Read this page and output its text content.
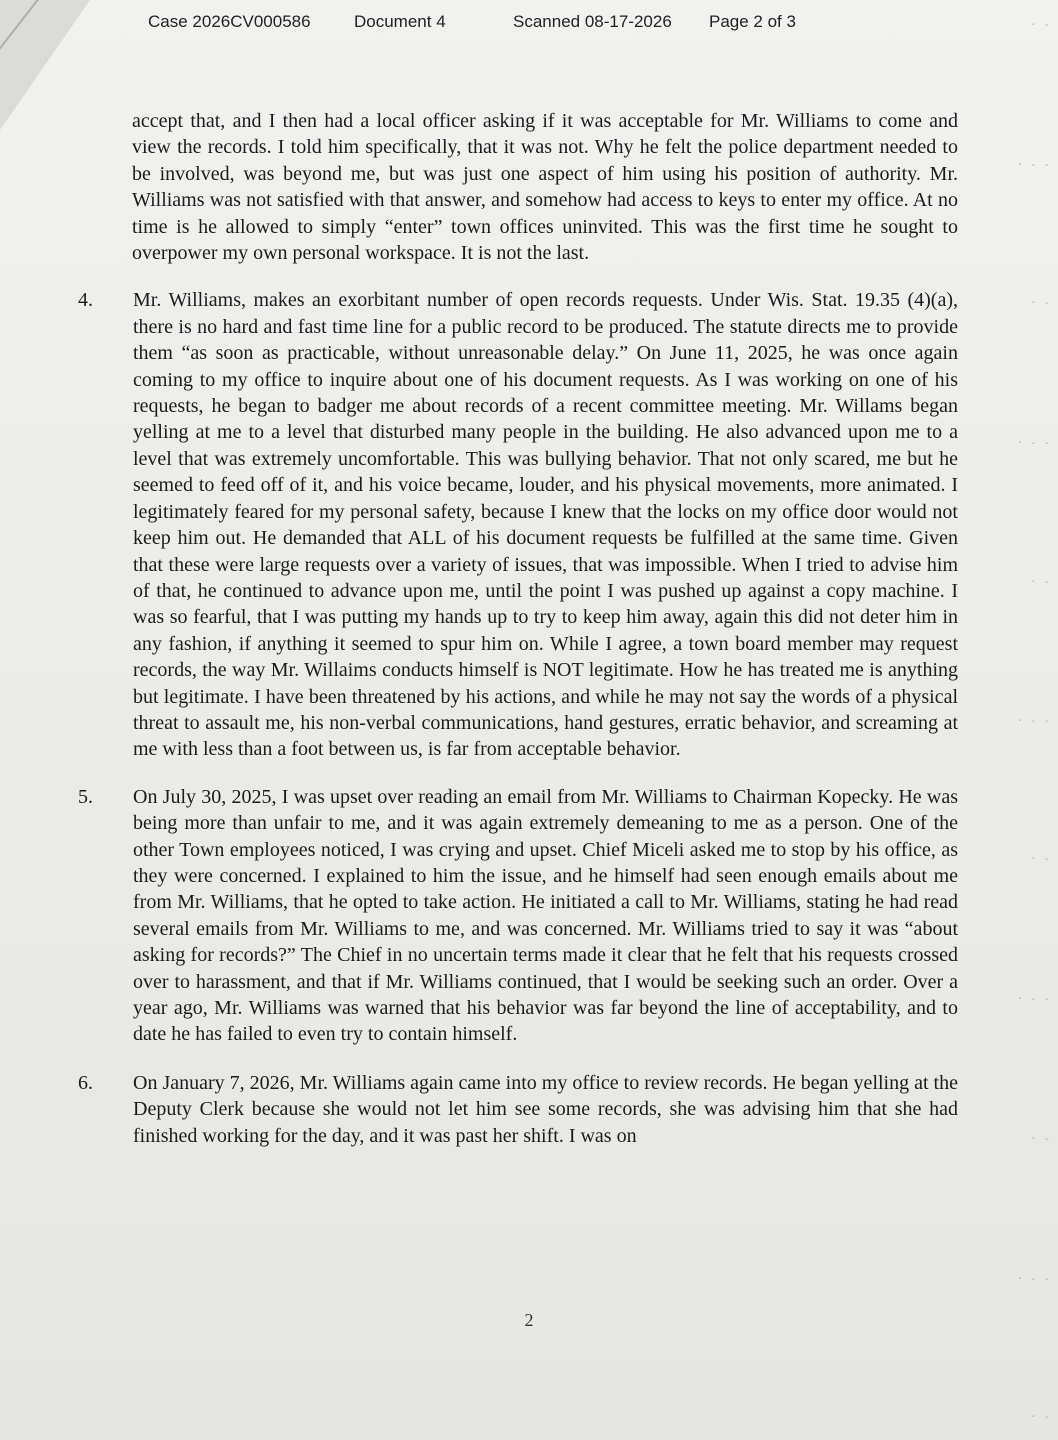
Case 2026CV000586	Document 4	Scanned 08-17-2026 Page 2 of 3
accept that, and I then had a local officer asking if it was acceptable for Mr. Williams to come and view the records. I told him specifically, that it was not. Why he felt the police department needed to be involved, was beyond me, but was just one aspect of him using his position of authority. Mr. Williams was not satisfied with that answer, and somehow had access to keys to enter my office. At no time is he allowed to simply “enter” town offices uninvited. This was the first time he sought to overpower my own personal workspace. It is not the last.
4.	Mr. Williams, makes an exorbitant number of open records requests. Under Wis. Stat. 19.35 (4)(a), there is no hard and fast time line for a public record to be produced. The statute directs me to provide them “as soon as practicable, without unreasonable delay.” On June 11, 2025, he was once again coming to my office to inquire about one of his document requests. As I was working on one of his requests, he began to badger me about records of a recent committee meeting. Mr. Willams began yelling at me to a level that disturbed many people in the building. He also advanced upon me to a level that was extremely uncomfortable. This was bullying behavior. That not only scared, me but he seemed to feed off of it, and his voice became, louder, and his physical movements, more animated. I legitimately feared for my personal safety, because I knew that the locks on my office door would not keep him out. He demanded that ALL of his document requests be fulfilled at the same time. Given that these were large requests over a variety of issues, that was impossible. When I tried to advise him of that, he continued to advance upon me, until the point I was pushed up against a copy machine. I was so fearful, that I was putting my hands up to try to keep him away, again this did not deter him in any fashion, if anything it seemed to spur him on. While I agree, a town board member may request records, the way Mr. Willaims conducts himself is NOT legitimate. How he has treated me is anything but legitimate. I have been threatened by his actions, and while he may not say the words of a physical threat to assault me, his non-verbal communications, hand gestures, erratic behavior, and screaming at me with less than a foot between us, is far from acceptable behavior.
5.	On July 30, 2025, I was upset over reading an email from Mr. Williams to Chairman Kopecky. He was being more than unfair to me, and it was again extremely demeaning to me as a person. One of the other Town employees noticed, I was crying and upset. Chief Miceli asked me to stop by his office, as they were concerned. I explained to him the issue, and he himself had seen enough emails about me from Mr. Williams, that he opted to take action. He initiated a call to Mr. Williams, stating he had read several emails from Mr. Williams to me, and was concerned. Mr. Williams tried to say it was “about asking for records?” The Chief in no uncertain terms made it clear that he felt that his requests crossed over to harassment, and that if Mr. Williams continued, that I would be seeking such an order. Over a year ago, Mr. Williams was warned that his behavior was far beyond the line of acceptability, and to date he has failed to even try to contain himself.
6.	On January 7, 2026, Mr. Williams again came into my office to review records. He began yelling at the Deputy Clerk because she would not let him see some records, she was advising him that she had finished working for the day, and it was past her shift. I was on
2
· ‐
· ‐ ‐
· ‐
· ‐ ‐
· ‐
· ‐ ‐
· ‐
· ‐ ‐
· ‐
· ‐ ‐
· ‐
